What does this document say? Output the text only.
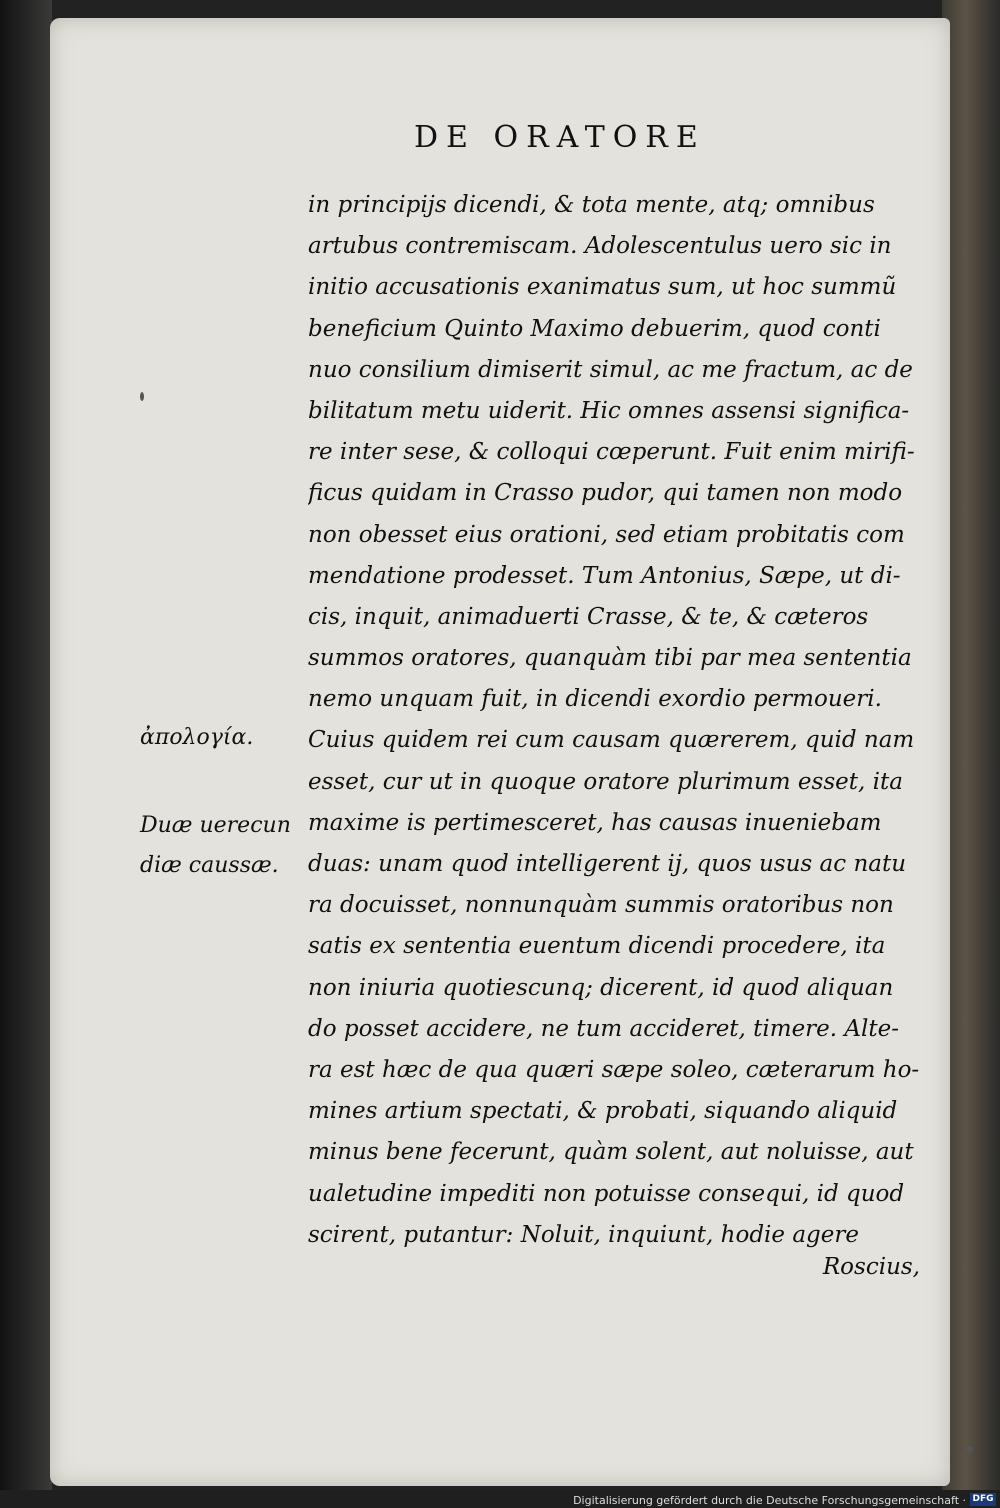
DE ORATORE
in principijs dicendi, & tota mente, atq; omnibus
artubus contremiscam. Adolescentulus uero sic in
initio accusationis exanimatus sum, ut hoc summũ
beneficium Quinto Maximo debuerim, quod conti
nuo consilium dimiserit simul, ac me fractum, ac de
bilitatum metu uiderit. Hic omnes assensi significa-
re inter sese, & colloqui cœperunt. Fuit enim mirifi-
ficus quidam in Crasso pudor, qui tamen non modo
non obesset eius orationi, sed etiam probitatis com
mendatione prodesset. Tum Antonius, Sæpe, ut di-
cis, inquit, animaduerti Crasse, & te, & cæteros
summos oratores, quanquàm tibi par mea sententia
nemo unquam fuit, in dicendi exordio permoueri.
Cuius quidem rei cum causam quærerem, quid nam
esset, cur ut in quoque oratore plurimum esset, ita
maxime is pertimesceret, has causas inueniebam
duas: unam quod intelligerent ij, quos usus ac natu
ra docuisset, nonnunquàm summis oratoribus non
satis ex sententia euentum dicendi procedere, ita
non iniuria quotiescunq; dicerent, id quod aliquan
do posset accidere, ne tum accideret, timere. Alte-
ra est hæc de qua quæri sæpe soleo, cæterarum ho-
mines artium spectati, & probati, siquando aliquid
minus bene fecerunt, quàm solent, aut noluisse, aut
ualetudine impediti non potuisse consequi, id quod
scirent, putantur: Noluit, inquiunt, hodie agere
Roscius,
ἀπολογία.
Duæ uerecun
diæ caussæ.
Digitalisierung gefördert durch die Deutsche Forschungsgemeinschaft · DFG
